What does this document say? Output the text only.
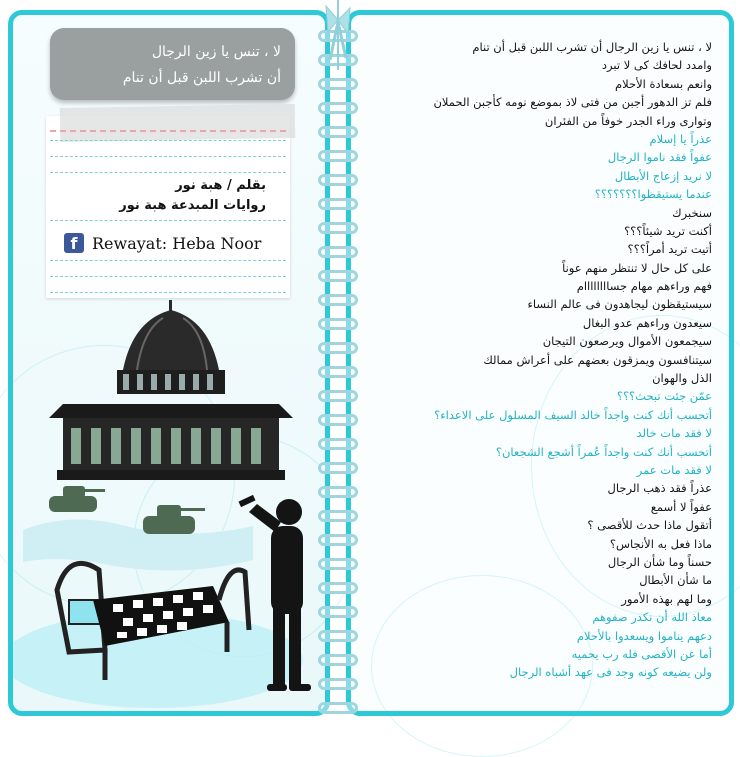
لا ، تنس يا زين الرجال
أن تشرب اللبن قبل أن تنام
بقلم / هبة نور
روايات المبدعة هبة نور
f Rewayat: Heba Noor
لا ، تنس يا زين الرجال أن تشرب اللبن قبل أن تنام
وامدد لحافك كى لا تبرد
وانعم بسعادة الأحلام
فلم تز الدهور أجبن من فتى لاذ بموضع نومه كأجبن الحملان
وتوارى وراء الجدر خوفاً من الفئران
عذراً يا إسلام
عفواً فقد ناموا الرجال
لا نريد إزعاج الأبطال
عندما يستيقظوا؟؟؟؟؟؟؟
سنخبرك
أكنت تريد شيئاً؟؟؟
أتيت تريد أمراً؟؟؟
على كل حال لا تنتظر منهم عوناً
فهم وراءهم مهام جساااااااام
سيستيقظون ليجاهدون فى عالم النساء
سيعدون وراءهم عدو البغال
سيجمعون الأموال ويرصعون التيجان
سيتنافسون ويمزقون بعضهم على أعراش ممالك
الذل والهوان
عمّن جئت تبحث؟؟؟
أتحسب أنك كنت واجداً خالد السيف المسلول على الاعداء؟
لا فقد مات خالد
أتحسب أنك كنت واجداً عُمراً أشجع الشجعان؟
لا فقد مات عمر
عذراً فقد ذهب الرجال
عفواً لا أسمع
أتقول ماذا حدث للأقصى ؟
ماذا فعل به الأنجاس؟
حسناً وما شأن الرجال
ما شأن الأبطال
وما لهم بهذه الأمور
معاذ الله أن نكدر صفوهم
دعهم يناموا ويسعدوا بالأحلام
أما عن الأقصى فله رب يحميه
ولن يضيعه كونه وجد فى عهد أشباه الرجال
